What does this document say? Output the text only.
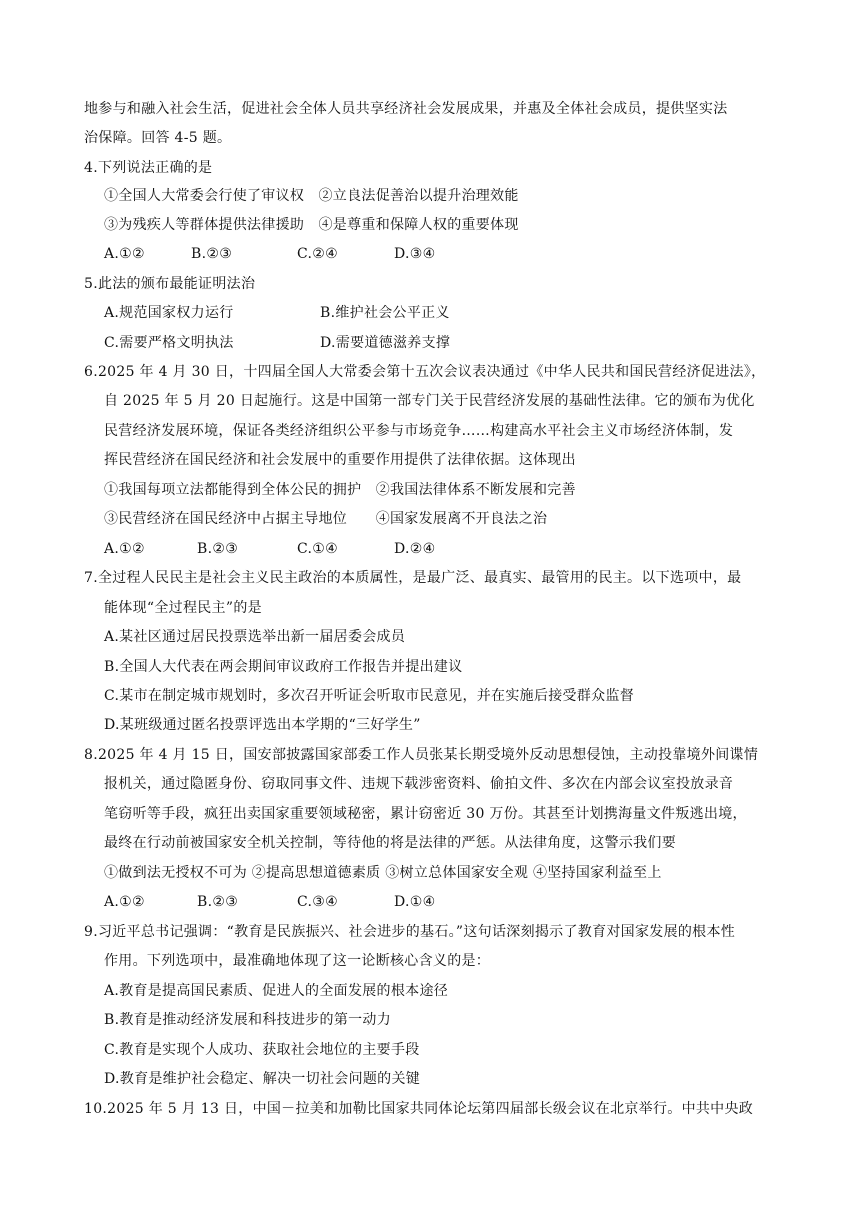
地参与和融入社会生活，促进社会全体人员共享经济社会发展成果，并惠及全体社会成员，提供坚实法
治保障。回答 4-5 题。
4.下列说法正确的是
①全国人大常委会行使了审议权　②立良法促善治以提升治理效能
③为残疾人等群体提供法律援助　④是尊重和保障人权的重要体现

A.①②

	B.②③

	C.②④

	D.③④

5.此法的颁布最能证明法治

A.规范国家权力运行

	B.维护社会公平正义

C.需要严格文明执法

	D.需要道德滋养支撑

6.2025 年 4 月 30 日，十四届全国人大常委会第十五次会议表决通过《中华人民共和国民营经济促进法》，
自 2025 年 5 月 20 日起施行。这是中国第一部专门关于民营经济发展的基础性法律。它的颁布为优化
民营经济发展环境，保证各类经济组织公平参与市场竞争……构建高水平社会主义市场经济体制，发
挥民营经济在国民经济和社会发展中的重要作用提供了法律依据。这体现出
①我国每项立法都能得到全体公民的拥护　②我国法律体系不断发展和完善
③民营经济在国民经济中占据主导地位　　④国家发展离不开良法之治

A.①②

	B.②③

	C.①④

	D.②④

7.全过程人民民主是社会主义民主政治的本质属性，是最广泛、最真实、最管用的民主。以下选项中，最
能体现“全过程民主”的是
A.某社区通过居民投票选举出新一届居委会成员
B.全国人大代表在两会期间审议政府工作报告并提出建议
C.某市在制定城市规划时，多次召开听证会听取市民意见，并在实施后接受群众监督
D.某班级通过匿名投票评选出本学期的“三好学生”
8.2025 年 4 月 15 日，国安部披露国家部委工作人员张某长期受境外反动思想侵蚀，主动投靠境外间谍情
报机关，通过隐匿身份、窃取同事文件、违规下载涉密资料、偷拍文件、多次在内部会议室投放录音
笔窃听等手段，疯狂出卖国家重要领域秘密，累计窃密近 30 万份。其甚至计划携海量文件叛逃出境，
最终在行动前被国家安全机关控制，等待他的将是法律的严惩。从法律角度，这警示我们要
①做到法无授权不可为 ②提高思想道德素质 ③树立总体国家安全观 ④坚持国家利益至上

A.①②

	B.②③

	C.③④

	D.①④

9.习近平总书记强调：“教育是民族振兴、社会进步的基石。”这句话深刻揭示了教育对国家发展的根本性
作用。下列选项中，最准确地体现了这一论断核心含义的是：
A.教育是提高国民素质、促进人的全面发展的根本途径
B.教育是推动经济发展和科技进步的第一动力
C.教育是实现个人成功、获取社会地位的主要手段
D.教育是维护社会稳定、解决一切社会问题的关键
10.2025 年 5 月 13 日，中国－拉美和加勒比国家共同体论坛第四届部长级会议在北京举行。中共中央政
